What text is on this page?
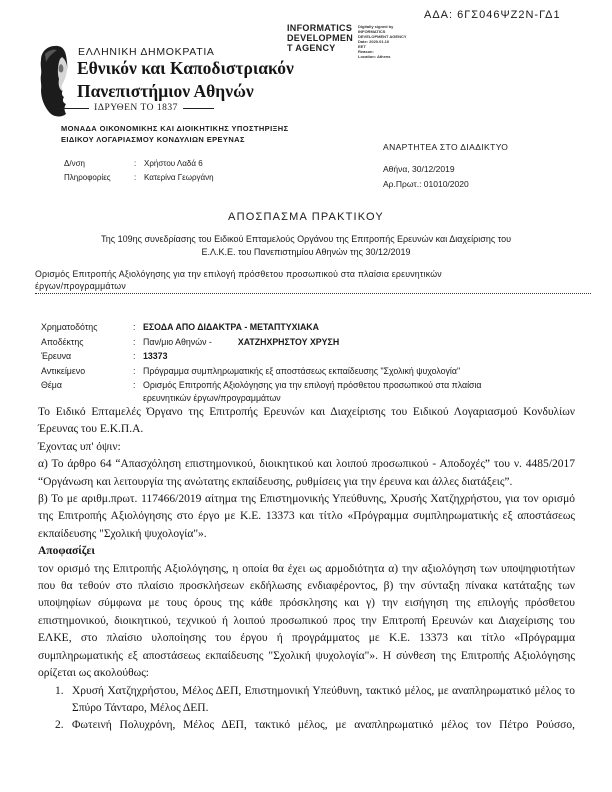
ΑΔΑ: 6ΓΣ046ΨΖ2Ν-ΓΔ1
INFORMATICS
DEVELOPMEN
T AGENCY
Digitally signed by
INFORMATICS
DEVELOPMENT AGENCY
Date: 2020.01.10
EET
Reason:
Location: Athens
ΕΛΛΗΝΙΚΗ ΔΗΜΟΚΡΑΤΙΑ
Εθνικόν και Καποδιστριακόν
Πανεπιστήμιον Αθηνών
ΙΔΡΥΘΕΝ ΤΟ 1837
ΜΟΝΑΔΑ ΟΙΚΟΝΟΜΙΚΗΣ ΚΑΙ ΔΙΟΙΚΗΤΙΚΗΣ ΥΠΟΣΤΗΡΙΞΗΣ
ΕΙΔΙΚΟΥ ΛΟΓΑΡΙΑΣΜΟΥ ΚΟΝΔΥΛΙΩΝ ΕΡΕΥΝΑΣ
Δ/νση	: Χρήστου Λαδά 6
Πληροφορίες	: Κατερίνα Γεωργάνη
ΑΝΑΡΤΗΤΕΑ ΣΤΟ ΔΙΑΔΙΚΤΥΟ
Αθήνα, 30/12/2019
Αρ.Πρωτ.: 01010/2020
ΑΠΟΣΠΑΣΜΑ ΠΡΑΚΤΙΚΟΥ
Της 109ης συνεδρίασης του Ειδικού Επταμελούς Οργάνου της Επιτροπής Ερευνών και Διαχείρισης του
Ε.Λ.Κ.Ε. του Πανεπιστημίου Αθηνών της 30/12/2019
Ορισμός Επιτροπής Αξιολόγησης για την επιλογή πρόσθετου προσωπικού στα πλαίσια ερευνητικών
έργων/προγραμμάτων
Χρηματοδότης	: ΕΣΟΔΑ ΑΠΟ ΔΙΔΑΚΤΡΑ - ΜΕΤΑΠΤΥΧΙΑΚΑ
Αποδέκτης	: Παν/μιο Αθηνών -	ΧΑΤΖΗΧΡΗΣΤΟΥ ΧΡΥΣΗ
Έρευνα	: 13373
Αντικείμενο	: Πρόγραμμα συμπληρωματικής εξ αποστάσεως εκπαίδευσης "Σχολική ψυχολογία"
Θέμα	: Ορισμός Επιτροπής Αξιολόγησης για την επιλογή πρόσθετου προσωπικού στα πλαίσια ερευνητικών έργων/προγραμμάτων

Το Ειδικό Επταμελές Όργανο της Επιτροπής Ερευνών και Διαχείρισης του Ειδικού Λογαριασμού Κονδυλίων Έρευνας του Ε.Κ.Π.Α.

Έχοντας υπ' όψιν:

α) Το άρθρο 64 “Απασχόληση επιστημονικού, διοικητικού και λοιπού προσωπικού - Αποδοχές” του ν. 4485/2017 “Οργάνωση και λειτουργία της ανώτατης εκπαίδευσης, ρυθμίσεις για την έρευνα και άλλες διατάξεις”.

β) Το με αριθμ.πρωτ. 117466/2019 αίτημα της Επιστημονικής Υπεύθυνης, Χρυσής Χατζηχρήστου, για τον ορισμό της Επιτροπής Αξιολόγησης στο έργο με Κ.Ε. 13373 και τίτλο «Πρόγραμμα συμπληρωματικής εξ αποστάσεως εκπαίδευσης "Σχολική ψυχολογία"».

Αποφασίζει

τον ορισμό της Επιτροπής Αξιολόγησης, η οποία θα έχει ως αρμοδιότητα α) την αξιολόγηση των υποψηφιοτήτων που θα τεθούν στο πλαίσιο προσκλήσεων εκδήλωσης ενδιαφέροντος, β) την σύνταξη πίνακα κατάταξης των υποψηφίων σύμφωνα με τους όρους της κάθε πρόσκλησης και γ) την εισήγηση της επιλογής πρόσθετου επιστημονικού, διοικητικού, τεχνικού ή λοιπού προσωπικού προς την Επιτροπή Ερευνών και Διαχείρισης του ΕΛΚΕ, στο πλαίσιο υλοποίησης του έργου ή προγράμματος με Κ.Ε. 13373 και τίτλο «Πρόγραμμα συμπληρωματικής εξ αποστάσεως εκπαίδευσης "Σχολική ψυχολογία"». Η σύνθεση της Επιτροπής Αξιολόγησης ορίζεται ως ακολούθως:

1. Χρυσή Χατζηχρήστου, Μέλος ΔΕΠ, Επιστημονική Υπεύθυνη, τακτικό μέλος, με αναπληρωματικό μέλος το Σπύρο Τάνταρο, Μέλος ΔΕΠ.
2. Φωτεινή Πολυχρόνη, Μέλος ΔΕΠ, τακτικό μέλος, με αναπληρωματικό μέλος τον Πέτρο Ρούσσο,
